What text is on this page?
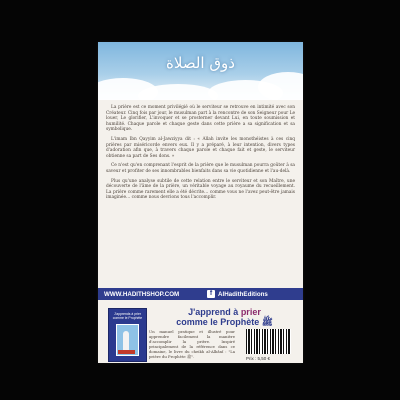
ذوق الصلاة

La prière est ce moment privilégié où le serviteur se retrouve en intimité avec son Créateur. Cinq fois par jour, le musulman part à la rencontre de son Seigneur pour Le louer, Le glorifier, L'invoquer et se prosterner devant Lui, en toute soumission et humilité. Chaque parole et chaque geste dans cette prière a sa signification et sa symbolique.

L'imam Ibn Qayyim al-Jawziyya dit : « Allah invite les monothéistes à ces cinq prières par miséricorde envers eux. Il y a préparé, à leur intention, divers types d'adoration afin que, à travers chaque parole et chaque fait et geste, le serviteur obtienne sa part de Ses dons. »

Ce n'est qu'en comprenant l'esprit de la prière que le musulman pourra goûter à sa saveur et profiter de ses innombrables bienfaits dans sa vie quotidienne et l'au-delà.

Plus qu'une analyse subtile de cette relation entre le serviteur et son Maître, une découverte de l'âme de la prière, un véritable voyage au royaume du recueillement. La prière comme rarement elle a été décrite… comme vous ne l'avez peut-être jamais imaginée… comme nous devrions tous l'accomplir.

WWW.HADITHSHOP.COM	f AlHadithEditions
J'apprends à prier comme le Prophète
J'apprend à prier
comme le Prophète ﷺ
Un manuel pratique et illustré pour apprendre facilement la manière d'accomplir la prière. Inspiré principalement de la référence dans ce domaine, le livre du cheikh al-Albânî : "La prière du Prophète ﷺ".	Prix : 5,50 €
